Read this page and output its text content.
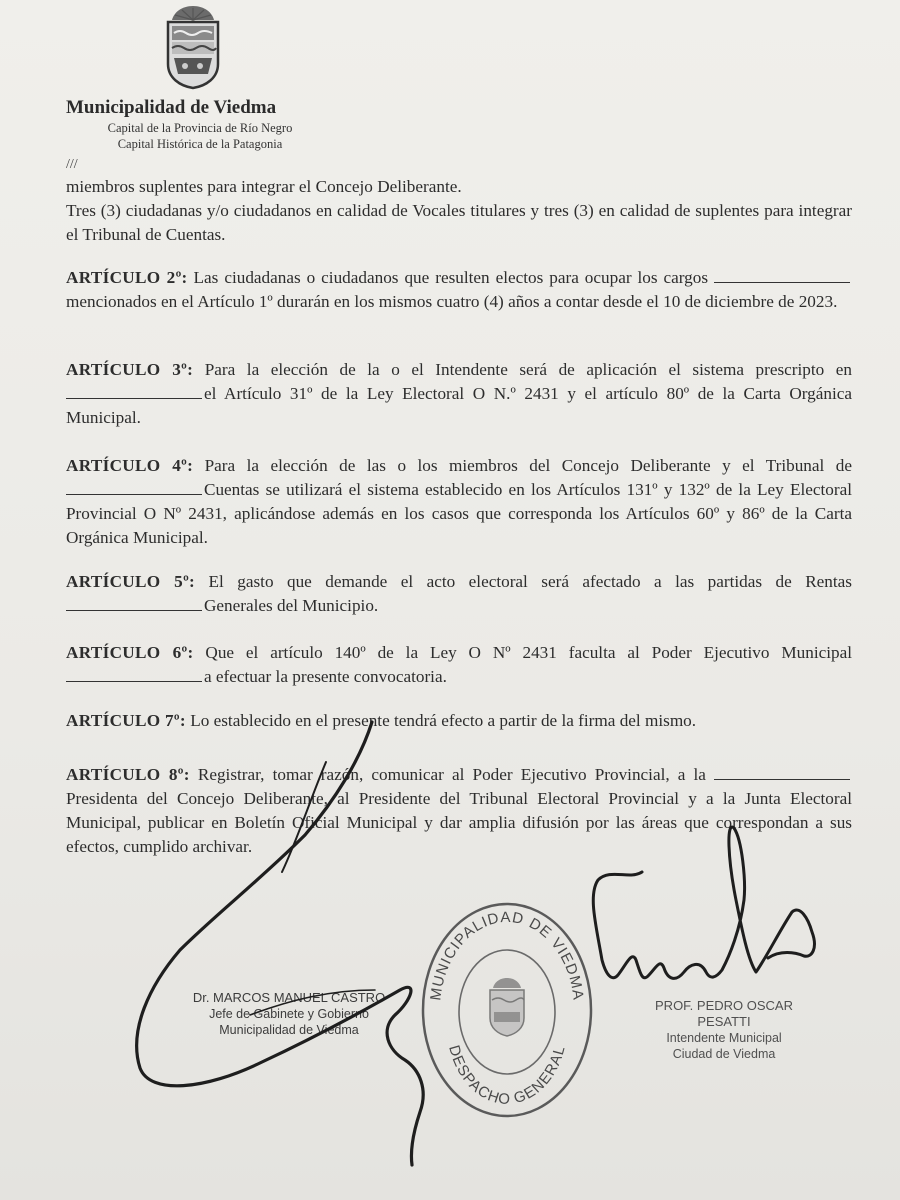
Municipalidad de Viedma
Capital de la Provincia de Río Negro
Capital Histórica de la Patagonia
///
miembros suplentes para integrar el Concejo Deliberante.
Tres (3) ciudadanas y/o ciudadanos en calidad de Vocales titulares y tres (3) en calidad de suplentes para integrar el Tribunal de Cuentas.
ARTÍCULO 2º: Las ciudadanas o ciudadanos que resulten electos para ocupar los cargos mencionados en el Artículo 1º durarán en los mismos cuatro (4) años a contar desde el 10 de diciembre de 2023.
ARTÍCULO 3º: Para la elección de la o el Intendente será de aplicación el sistema prescripto en el Artículo 31º de la Ley Electoral O N.º 2431 y el artículo 80º de la Carta Orgánica Municipal.
ARTÍCULO 4º: Para la elección de las o los miembros del Concejo Deliberante y el Tribunal de Cuentas se utilizará el sistema establecido en los Artículos 131º y 132º de la Ley Electoral Provincial O Nº 2431, aplicándose además en los casos que corresponda los Artículos 60º y 86º de la Carta Orgánica Municipal.
ARTÍCULO 5º: El gasto que demande el acto electoral será afectado a las partidas de Rentas Generales del Municipio.
ARTÍCULO 6º: Que el artículo 140º de la Ley O Nº 2431 faculta al Poder Ejecutivo Municipal a efectuar la presente convocatoria.
ARTÍCULO 7º: Lo establecido en el presente tendrá efecto a partir de la firma del mismo.
ARTÍCULO 8º: Registrar, tomar razón, comunicar al Poder Ejecutivo Provincial, a la Presidenta del Concejo Deliberante, al Presidente del Tribunal Electoral Provincial y a la Junta Electoral Municipal, publicar en Boletín Oficial Municipal y dar amplia difusión por las áreas que correspondan a sus efectos, cumplido archivar.
Dr. MARCOS MANUEL CASTRO
Jefe de Gabinete y Gobierno
Municipalidad de Viedma
PROF. PEDRO OSCAR PESATTI
Intendente Municipal
Ciudad de Viedma
MUNICIPALIDAD DE VIEDMA
DESPACHO GENERAL
